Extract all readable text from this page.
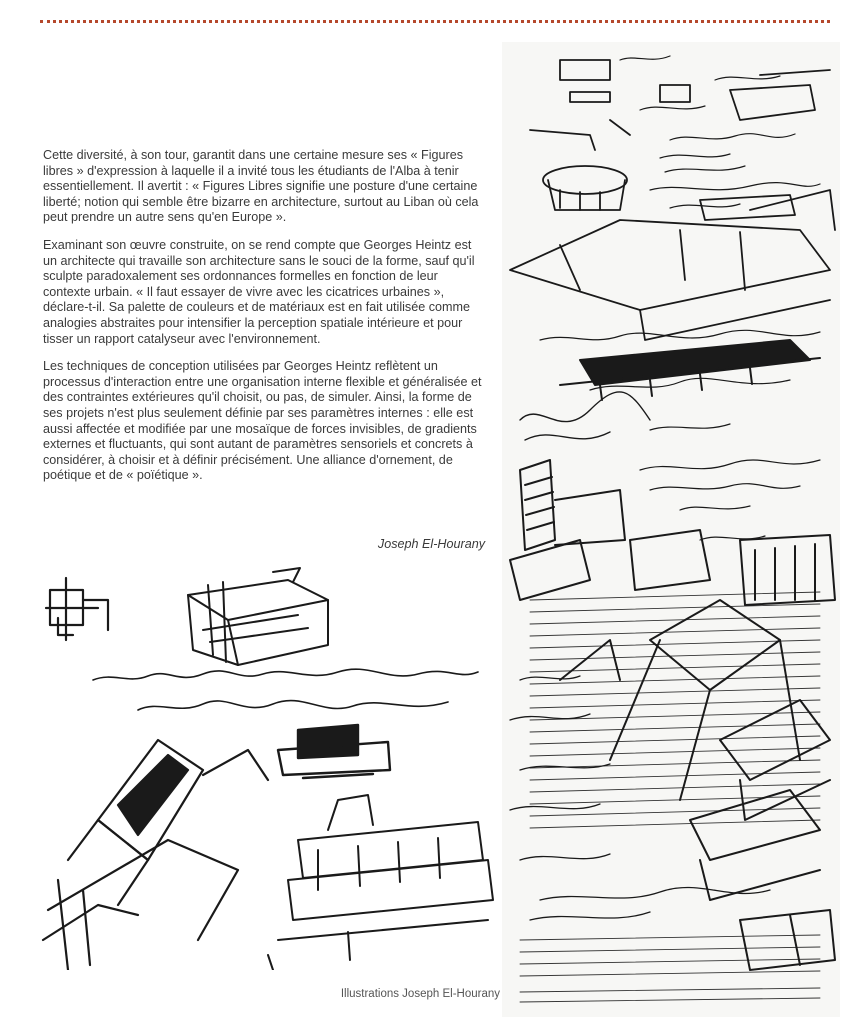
Cette diversité, à son tour, garantit dans une certaine mesure ses « Figures libres » d'expression à laquelle il a invité tous les étudiants de l'Alba à tenir essentiellement. Il avertit : « Figures Libres signifie une posture d'une certaine liberté; notion qui semble être bizarre en architecture, surtout au Liban où cela peut prendre un autre sens qu'en Europe ».

Examinant son œuvre construite, on se rend compte que Georges Heintz est un architecte qui travaille son architecture sans le souci de la forme, sauf qu'il sculpte paradoxalement ses ordonnances formelles en fonction de leur contexte urbain. « Il faut essayer de vivre avec les cicatrices urbaines », déclare-t-il. Sa palette de couleurs et de matériaux est en fait utilisée comme analogies abstraites pour intensifier la perception spatiale intérieure et pour tisser un rapport catalyseur avec l'environnement.

Les techniques de conception utilisées par Georges Heintz reflètent un processus d'interaction entre une organisation interne flexible et généralisée et des contraintes extérieures qu'il choisit, ou pas, de simuler. Ainsi, la forme de ses projets n'est plus seulement définie par ses paramètres internes : elle est aussi affectée et modifiée par une mosaïque de forces invisibles, de gradients externes et fluctuants, qui sont autant de paramètres sensoriels et concrets à considérer, à choisir et à définir précisément. Une alliance d'ornement, de poétique et de « poïétique ».

Joseph El-Hourany
Illustrations Joseph El-Hourany
